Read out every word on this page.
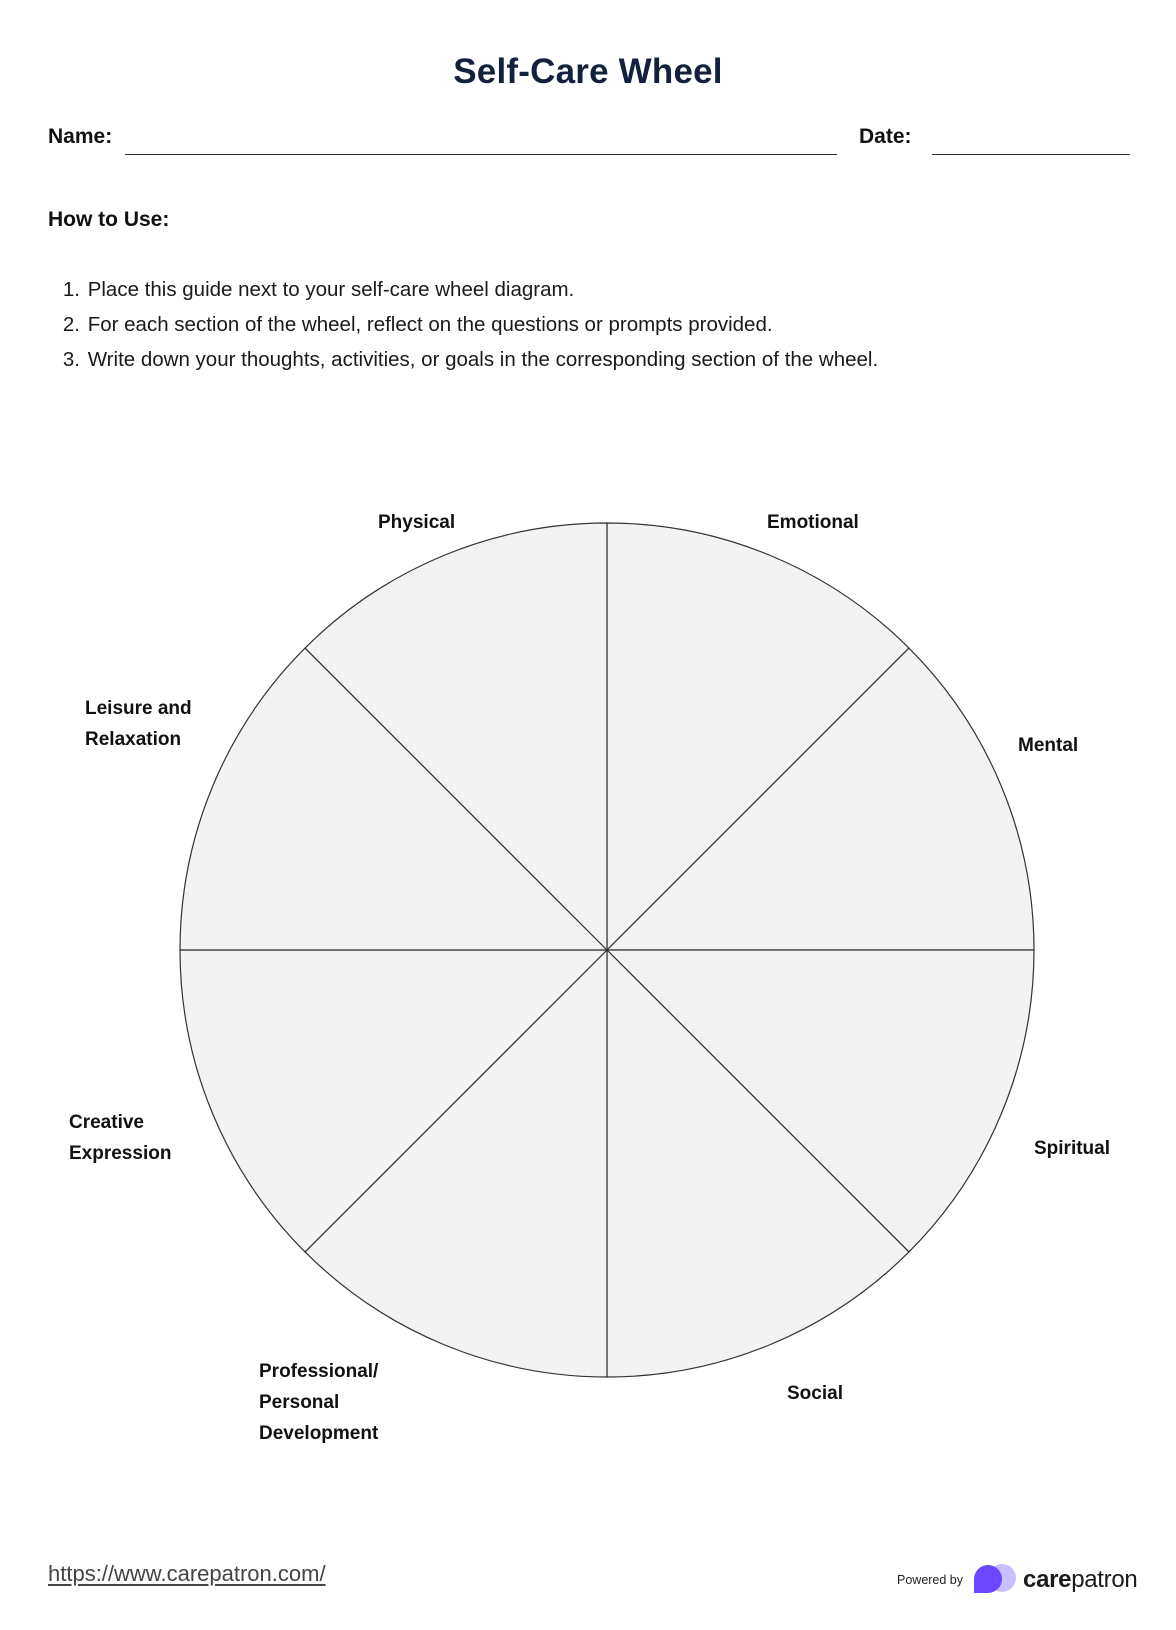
Self-Care Wheel
Name:	Date:
How to Use:
1. Place this guide next to your self-care wheel diagram.
2. For each section of the wheel, reflect on the questions or prompts provided.
3. Write down your thoughts, activities, or goals in the corresponding section of the wheel.
Physical	Emotional
Mental
Spiritual
Social
Professional/
Personal
Development
Creative
Expression
Leisure and
Relaxation
https://www.carepatron.com/	Powered by	carepatron
